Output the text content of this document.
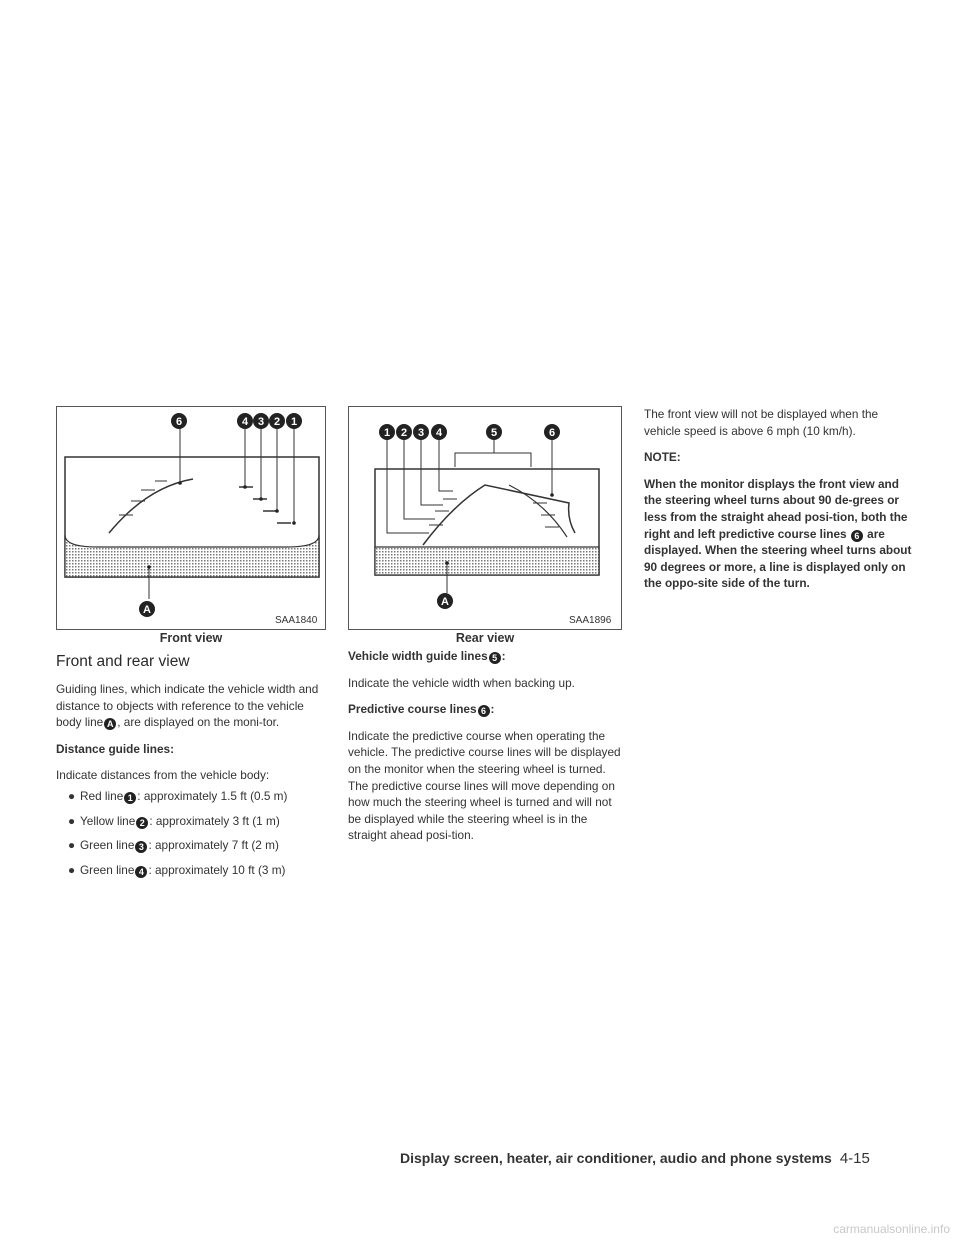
6	4 3 2 1
A
SAA1840
Front view
1 2 3 4	5	6
A
SAA1896
Rear view
Front and rear view

Guiding lines, which indicate the vehicle width and distance to objects with reference to the vehicle body line A , are displayed on the moni-tor.

Distance guide lines:

Indicate distances from the vehicle body:

● Red line 1 : approximately 1.5 ft (0.5 m)
● Yellow line 2 : approximately 3 ft (1 m)
● Green line 3 : approximately 7 ft (2 m)
● Green line 4 : approximately 10 ft (3 m)

Vehicle width guide lines 5 :

Indicate the vehicle width when backing up.

Predictive course lines 6 :

Indicate the predictive course when operating the vehicle. The predictive course lines will be displayed on the monitor when the steering wheel is turned. The predictive course lines will move depending on how much the steering wheel is turned and will not be displayed while the steering wheel is in the straight ahead posi-tion.

The front view will not be displayed when the vehicle speed is above 6 mph (10 km/h).

NOTE:

When the monitor displays the front view and the steering wheel turns about 90 de-grees or less from the straight ahead posi-tion, both the right and left predictive course lines 6 are displayed. When the steering wheel turns about 90 degrees or more, a line is displayed only on the oppo-site side of the turn.

Display screen, heater, air conditioner, audio and phone systems 4-15
carmanualsonline.info
